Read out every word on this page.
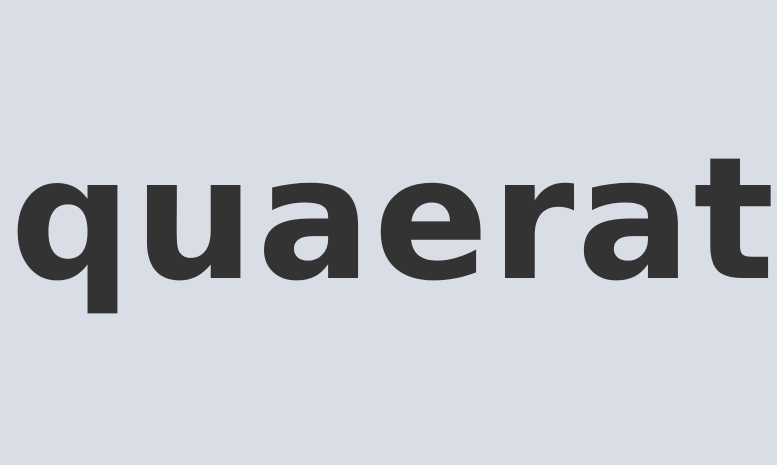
quaerat
